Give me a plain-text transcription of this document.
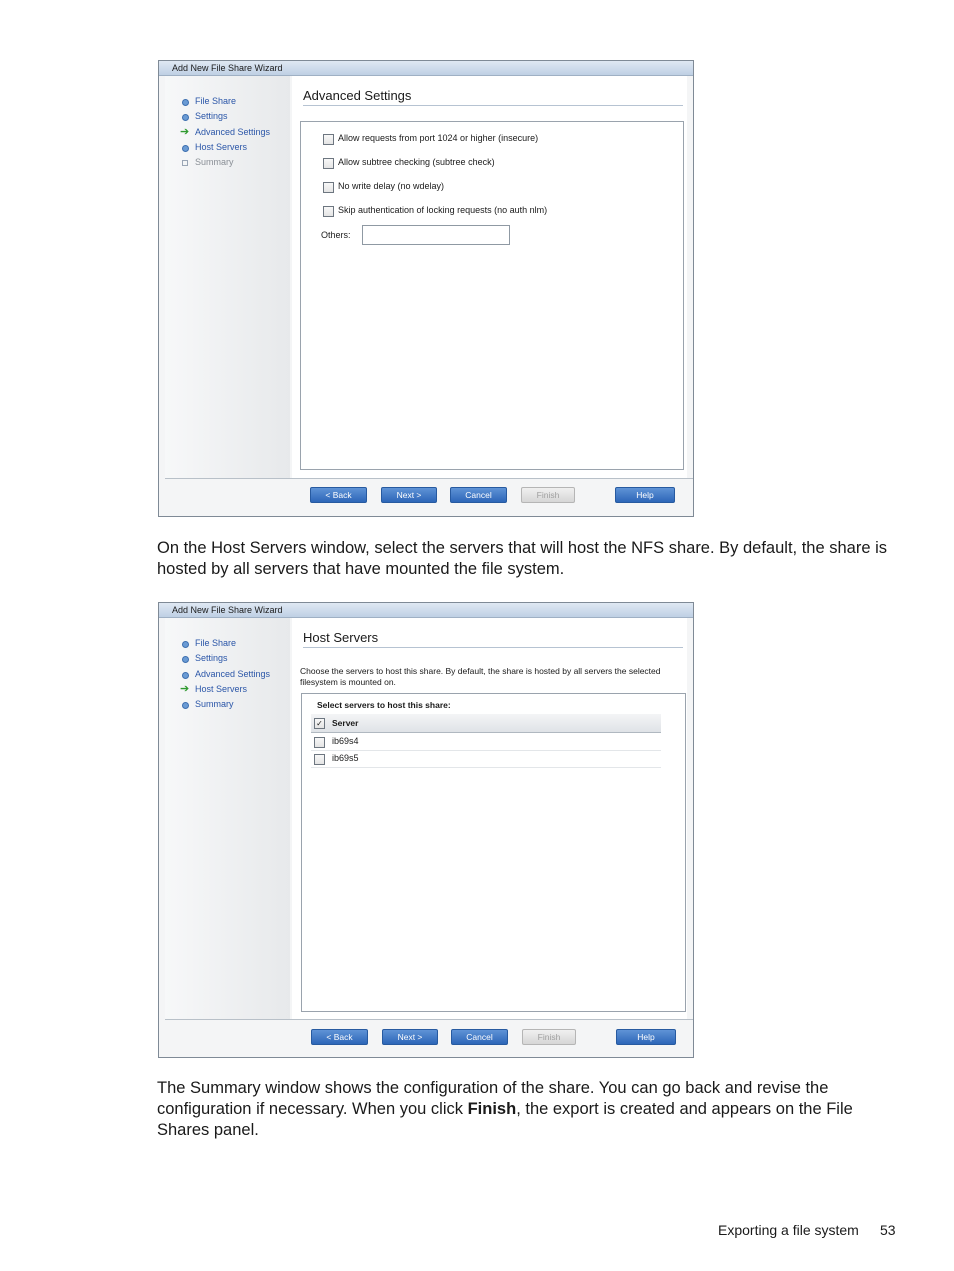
Add New File Share Wizard
File Share
Settings
➔ Advanced Settings
Host Servers
Summary
Advanced Settings
Allow requests from port 1024 or higher (insecure)
Allow subtree checking (subtree check)
No write delay (no wdelay)
Skip authentication of locking requests (no auth nlm)
Others:
< Back	Next >	Cancel	Finish	Help
On the Host Servers window, select the servers that will host the NFS share. By default, the share is hosted by all servers that have mounted the file system.
Add New File Share Wizard
File Share
Settings
Advanced Settings
➔ Host Servers
Summary
Host Servers
Choose the servers to host this share. By default, the share is hosted by all servers the selected filesystem is mounted on.
Select servers to host this share:
✓ Server
ib69s4
ib69s5
< Back	Next >	Cancel	Finish	Help
The Summary window shows the configuration of the share. You can go back and revise the configuration if necessary. When you click Finish, the export is created and appears on the File Shares panel.
Exporting a file system 53
